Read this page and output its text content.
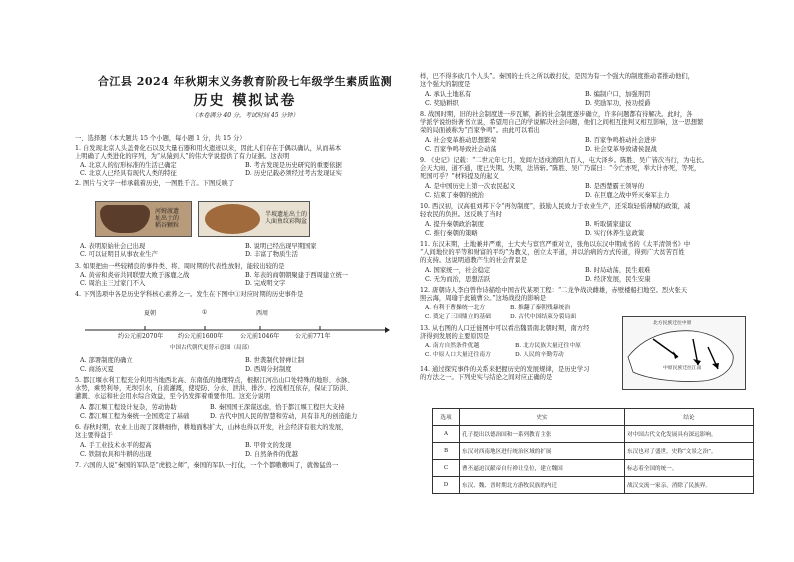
合江县 2024 年秋期末义务教育阶段七年级学生素质监测
历史 模拟试卷
（本卷满分 40 分，考试时间 45 分钟）
一、选择题（本大题共 15 个小题，每小题 1 分，共 15 分）
1. 自发现北京人头盖骨化石以及大量石器和用火遗迹以来，因此人们存在于偶以确认，从而基本
上明确了人类进化的序列，为“从猿到人”的伟大学说提供了有力证据。这表明
A. 北京人的衍形标准的生活已确定	B. 考古发现是历史研究的重要依据
C. 北京人已经具有现代人类的特征	D. 历史记载必须经过考古发现证实
2. 图片与文字一样承载着历史，一图胜千言。下图反映了
河姆渡遗
址出土的
稻谷颗粒
半坡遗址出土的
人面鱼纹彩陶盆
A. 表明原始社会已出现	B. 说明已经出现早期国家
C. 可以证明目从事农业生产	D. 丰富了物质生活
3. 如果把由一些较精良的事件类、将、周时期的代表性放射，能较出较的是
A. 黄帝和炎帝共同联盟大败于涿鹿之战	B. 年表的商朝朝聚建于西周建立统一
C. 周治主三过家门不入	D. 完成明文字
4. 下列选项中各是历史学科核心素养之一。发生在下图中①对应时期的历史事件是
夏朝	①	西周
约公元前2070年 约公元前1600年	公元前1046年	公元前771年
中国古代朝代更替示意图（局部）
A. 部署制度的确立	B. 世袭制代替禅让制
C. 商汤灭夏	D. 西周分封制度
5. 都江堰水利工程充分利用当地西北高、东南低的地理特点，根据江河出山口处特殊的地形、水脉、
水势，乘势利导，无坝引水，自流灌溉，使堤防、分水、泄洪、排沙、控流相互依存，保证了防洪、
灌溉、水运和社会用水综合效益，至今仍发挥着重要作用。这充分说明
A. 都江堰工程设计复杂，劳动协助	B. 秦国国王深谋远虑，恰于都江堰工程巨大支持
C. 都江堰工程为秦统一全国奠定了基础	D. 古代中国人民的智慧和劳动，具有非凡的创造能力
6. 春秋时期，农业上出现了深耕细作，耕地面积扩大，山林也得以开发，社会经济有很大的发展，
这主要得益于
A. 手工业技术水平的提高	B. 甲骨文的发现
C. 铁制农具和牛耕的出现	D. 自然条件的优越
7. 六国的人说“秦国的军队是“虎狼之师”，秦国的军队一打仗，一个个都嗷嗷叫了，就像猛兽一
样，巴不得多砍几个人头”。秦国的士兵之所以敢打仗，是因为有一个强大的制度推动者推动他们，
这个强大的制度是
A. 承认土地私有	B. 编制户口，加强刑罚
C. 奖励耕织	D. 奖励军功，按功授爵
8. 战国时期，旧的社会制度进一步瓦解，新的社会制度逐步确立，许多问题都有待解决。此时，各
学派学说纷纷著书立说，希望用自己的学说解决社会问题，他们之间相互批判又相互影响，这一思想繁
荣的局面被称为“百家争鸣”。由此可以看出
A. 社会变革推动思想繁荣	B. 百家争鸣推动社会进步
C. 百家争鸣导致社会动荡	D. 社会变革导致诸侯混战
9. 《史记》记载：“二世元年七月，发闾左适戍渔阳九百人，屯大泽乡。陈胜、吴广皆次当行，为屯长。
会天大雨，道不通，度已失期。失期，法皆斩。”陈胜、吴广乃谋曰：“今亡亦死，举大计亦死，等死，
死国可乎？”材料提及的起义
A. 是中国历史上第一次农民起义	B. 是西楚霸王领导的
C. 结束了秦朝的统治	D. 在巨鹿之战中歼灭秦军主力
10. 西汉初，汉高祖刘邦下令“再勿制度”，鼓励人民致力于农业生产，还采取轻徭薄赋的政策，减
轻农民的负担。这反映了当时
A. 提升秦朝政治制度	B. 听取儒家建议
C. 推行秦朝的策略	D. 实行休养生息政策
11. 东汉末期，土地兼并严重，士大夫与宦官严重对立，张角以东汉中期成书的《太平清领书》中
“人间地位的平等和财富的平均”为教义，创立太平道，并以治病的方式传道，得到广大贫苦百姓
的支持。这说明道教产生的社会背景是
A. 国家统一，社会稳定	B. 时局动荡，民生艰难
C. 无为而治，思想活跃	D. 经济发展，民生安康
12. 唐朝诗人李白曾作诗描绘中国古代某项工程：“二龙争战决雌雄，赤壁楼船扫地空。烈火张天
照云海，周瑜于此破曹公。”这场战役的影响是
A. 有利于曹操统一北方	B. 推翻了秦朝残暴统治
C. 奠定了三国鼎立的基础	D. 古代中国结束分裂局面
北方民族迁往中原
中原民族迁往江南
13. 从右图的人口迁徙图中可以看出魏晋南北朝时期，南方经
济得到发展的主要原因是
A. 南方自然条件优越	B. 北方民族大量迁往中原
C. 中原人口大量迁往南方	D. 人民的辛勤劳动
14. 通过探究事件的关系来把握历史的发展规律，是历史学习
的方法之一。下列史实与结论之间对应正确的是
选项	史实	结论
A	孔子提出以德治国和一系列教育主张	对中国古代文化发展具有深远影响。
B	东汉对西南地区进行统治区域的扩展	东汉也对了盛世，史称“文景之治”。
C	曹丕逼迫汉献帝自行禅让皇位，建立魏国	标志着全国的统一。
D	东汉、魏、晋时期北方游牧民族的内迁	战汉交流一家亲，消除了民族界。
